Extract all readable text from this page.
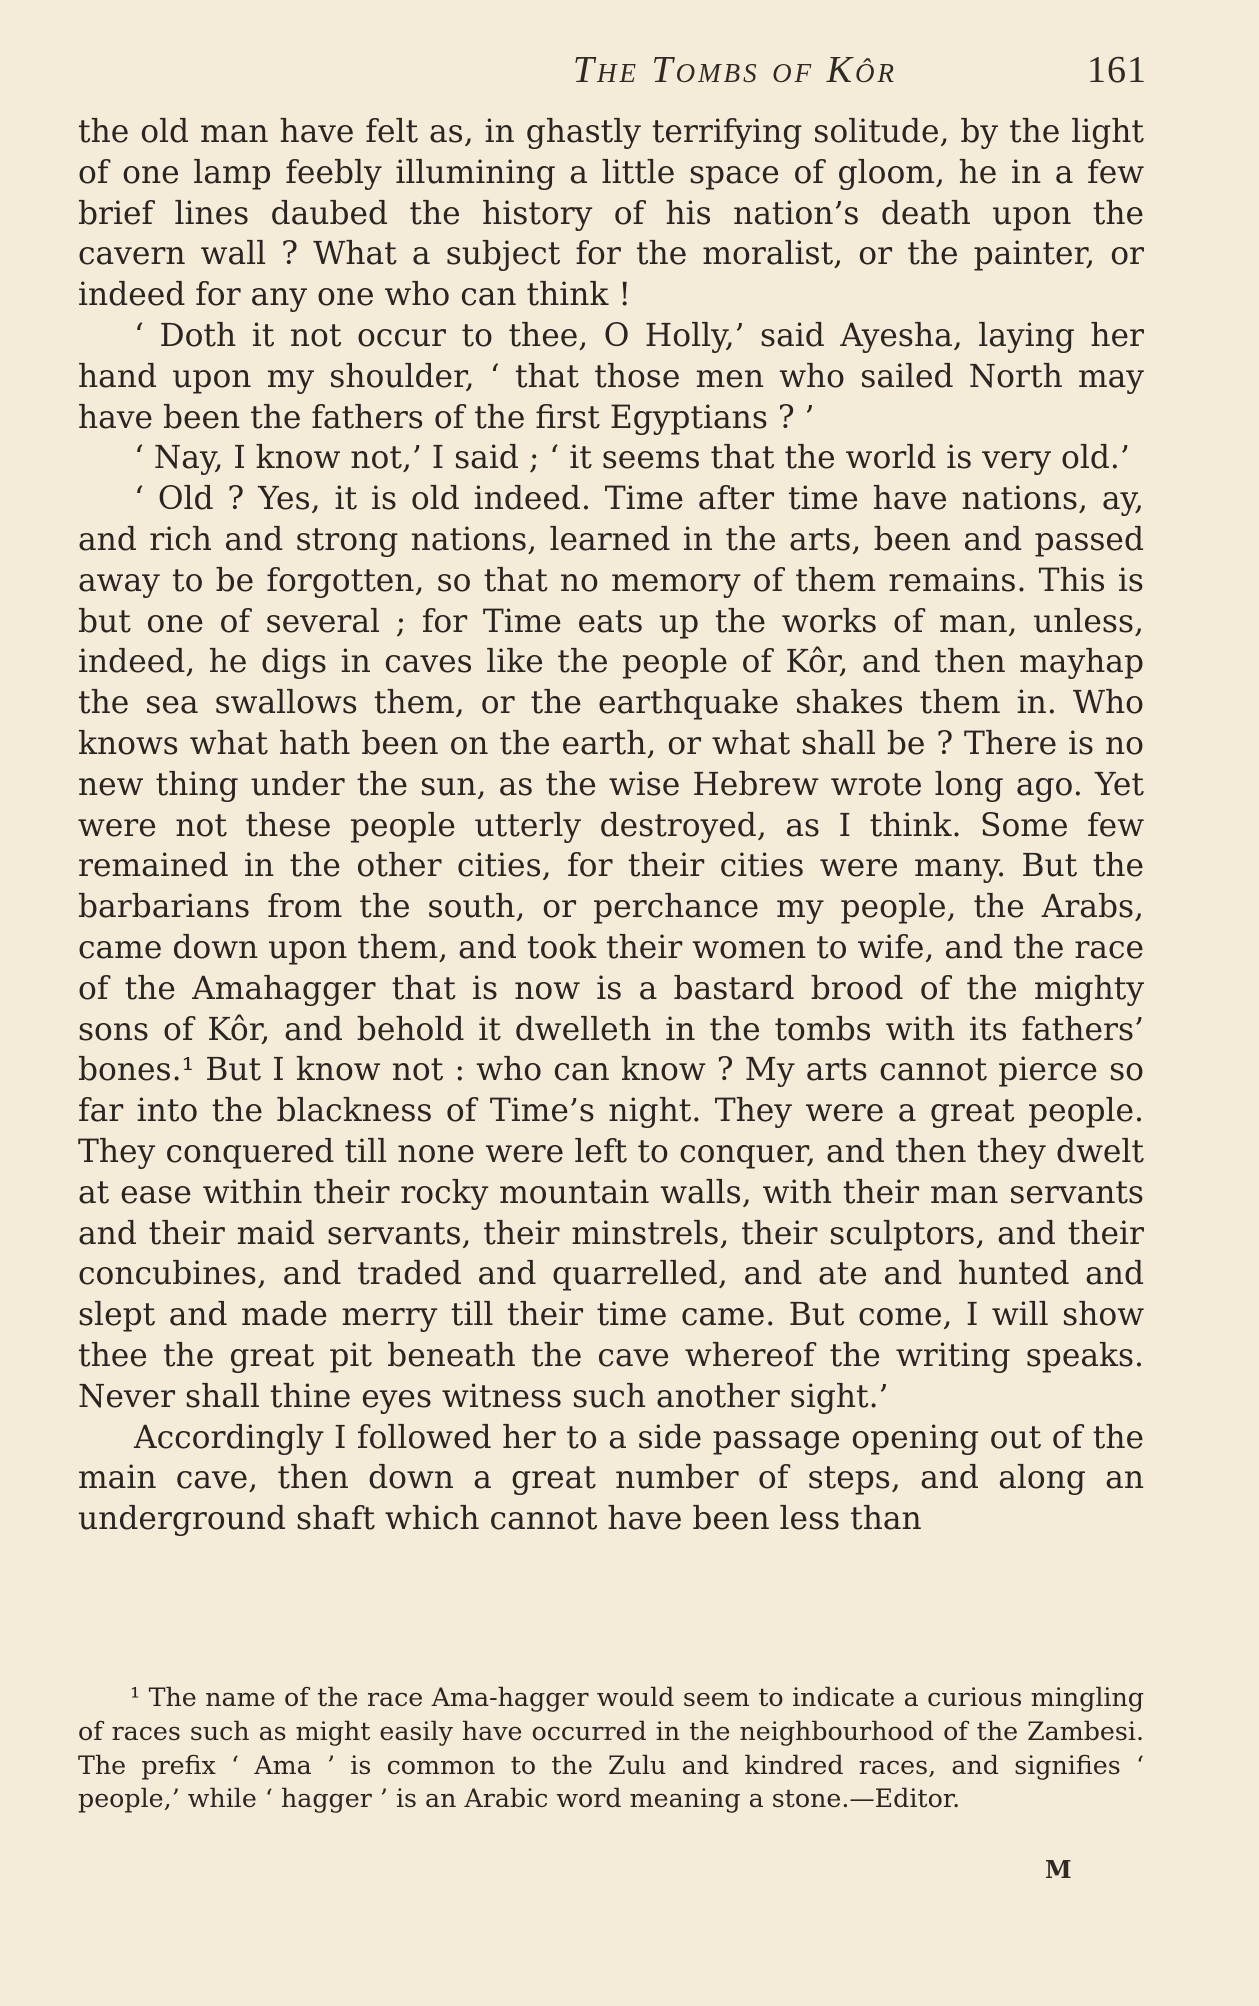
The Tombs of Kôr	161

the old man have felt as, in ghastly terrifying solitude, by the light of one lamp feebly illumining a little space of gloom, he in a few brief lines daubed the history of his nation’s death upon the cavern wall ? What a subject for the moralist, or the painter, or indeed for any one who can think !

‘ Doth it not occur to thee, O Holly,’ said Ayesha, laying her hand upon my shoulder, ‘ that those men who sailed North may have been the fathers of the first Egyptians ? ’

‘ Nay, I know not,’ I said ; ‘ it seems that the world is very old.’

‘ Old ? Yes, it is old indeed. Time after time have nations, ay, and rich and strong nations, learned in the arts, been and passed away to be forgotten, so that no memory of them remains. This is but one of several ; for Time eats up the works of man, unless, indeed, he digs in caves like the people of Kôr, and then mayhap the sea swallows them, or the earthquake shakes them in. Who knows what hath been on the earth, or what shall be ? There is no new thing under the sun, as the wise Hebrew wrote long ago. Yet were not these people utterly destroyed, as I think. Some few remained in the other cities, for their cities were many. But the barbarians from the south, or perchance my people, the Arabs, came down upon them, and took their women to wife, and the race of the Amahagger that is now is a bastard brood of the mighty sons of Kôr, and behold it dwelleth in the tombs with its fathers’ bones.¹ But I know not : who can know ? My arts cannot pierce so far into the blackness of Time’s night. They were a great people. They conquered till none were left to conquer, and then they dwelt at ease within their rocky mountain walls, with their man servants and their maid servants, their minstrels, their sculptors, and their concubines, and traded and quarrelled, and ate and hunted and slept and made merry till their time came. But come, I will show thee the great pit beneath the cave whereof the writing speaks. Never shall thine eyes witness such another sight.’

Accordingly I followed her to a side passage opening out of the main cave, then down a great number of steps, and along an underground shaft which cannot have been less than

¹ The name of the race Ama-hagger would seem to indicate a curious mingling of races such as might easily have occurred in the neighbourhood of the Zambesi. The prefix ‘ Ama ’ is common to the Zulu and kindred races, and signifies ‘ people,’ while ‘ hagger ’ is an Arabic word meaning a stone.—Editor.

M
